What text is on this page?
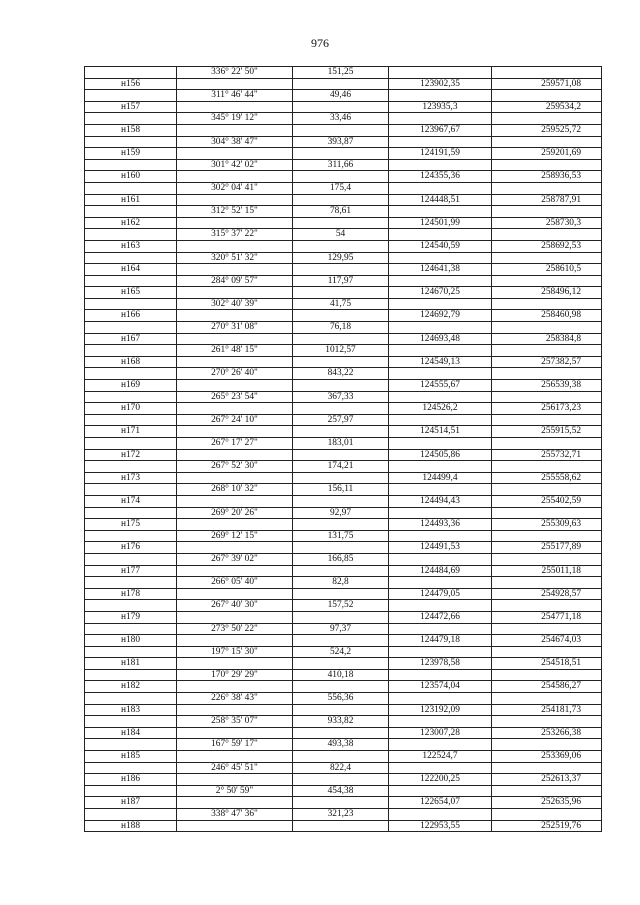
976
	336° 22' 50"	151,25		
н156			123902,35	259571,08
	311° 46' 44"	49,46		
н157			123935,3	259534,2
	345° 19' 12"	33,46		
н158			123967,67	259525,72
	304° 38' 47"	393,87		
н159			124191,59	259201,69
	301° 42' 02"	311,66		
н160			124355,36	258936,53
	302° 04' 41"	175,4		
н161			124448,51	258787,91
	312° 52' 15"	78,61		
н162			124501,99	258730,3
	315° 37' 22"	54		
н163			124540,59	258692,53
	320° 51' 32"	129,95		
н164			124641,38	258610,5
	284° 09' 57"	117,97		
н165			124670,25	258496,12
	302° 40' 39"	41,75		
н166			124692,79	258460,98
	270° 31' 08"	76,18		
н167			124693,48	258384,8
	261° 48' 15"	1012,57		
н168			124549,13	257382,57
	270° 26' 40"	843,22		
н169			124555,67	256539,38
	265° 23' 54"	367,33		
н170			124526,2	256173,23
	267° 24' 10"	257,97		
н171			124514,51	255915,52
	267° 17' 27"	183,01		
н172			124505,86	255732,71
	267° 52' 30"	174,21		
н173			124499,4	255558,62
	268° 10' 32"	156,11		
н174			124494,43	255402,59
	269° 20' 26"	92,97		
н175			124493,36	255309,63
	269° 12' 15"	131,75		
н176			124491,53	255177,89
	267° 39' 02"	166,85		
н177			124484,69	255011,18
	266° 05' 40"	82,8		
н178			124479,05	254928,57
	267° 40' 30"	157,52		
н179			124472,66	254771,18
	273° 50' 22"	97,37		
н180			124479,18	254674,03
	197° 15' 30"	524,2		
н181			123978,58	254518,51
	170° 29' 29"	410,18		
н182			123574,04	254586,27
	226° 38' 43"	556,36		
н183			123192,09	254181,73
	258° 35' 07"	933,82		
н184			123007,28	253266,38
	167° 59' 17"	493,38		
н185			122524,7	253369,06
	246° 45' 51"	822,4		
н186			122200,25	252613,37
	2° 50' 59"	454,38		
н187			122654,07	252635,96
	338° 47' 36"	321,23		
н188			122953,55	252519,76
